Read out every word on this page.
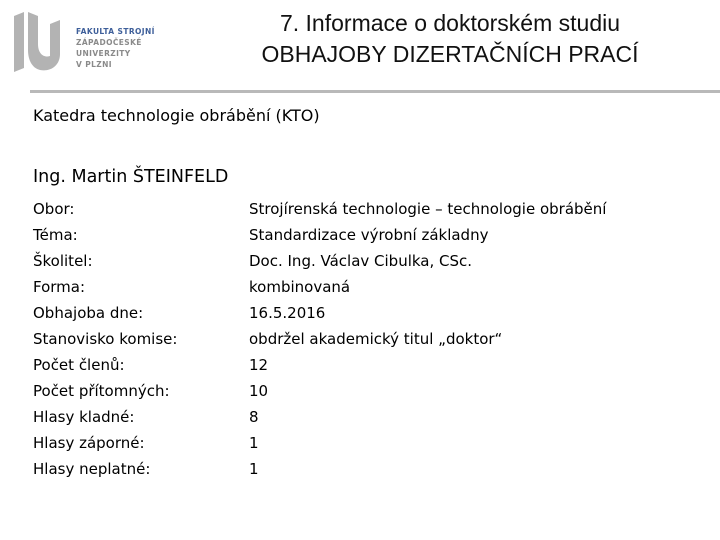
FAKULTA STROJNÍ
ZÁPADOČESKÉ
UNIVERZITY
V PLZNI
7. Informace o doktorském studiu
OBHAJOBY DIZERTAČNÍCH PRACÍ
Katedra technologie obrábění (KTO)
Ing. Martin ŠTEINFELD
Obor:	Strojírenská technologie – technologie obrábění
Téma:	Standardizace výrobní základny
Školitel:	Doc. Ing. Václav Cibulka, CSc.
Forma:	kombinovaná
Obhajoba dne:	16.5.2016
Stanovisko komise:	obdržel akademický titul „doktor“
Počet členů:	12
Počet přítomných:	10
Hlasy kladné:	8
Hlasy záporné:	1
Hlasy neplatné:	1
